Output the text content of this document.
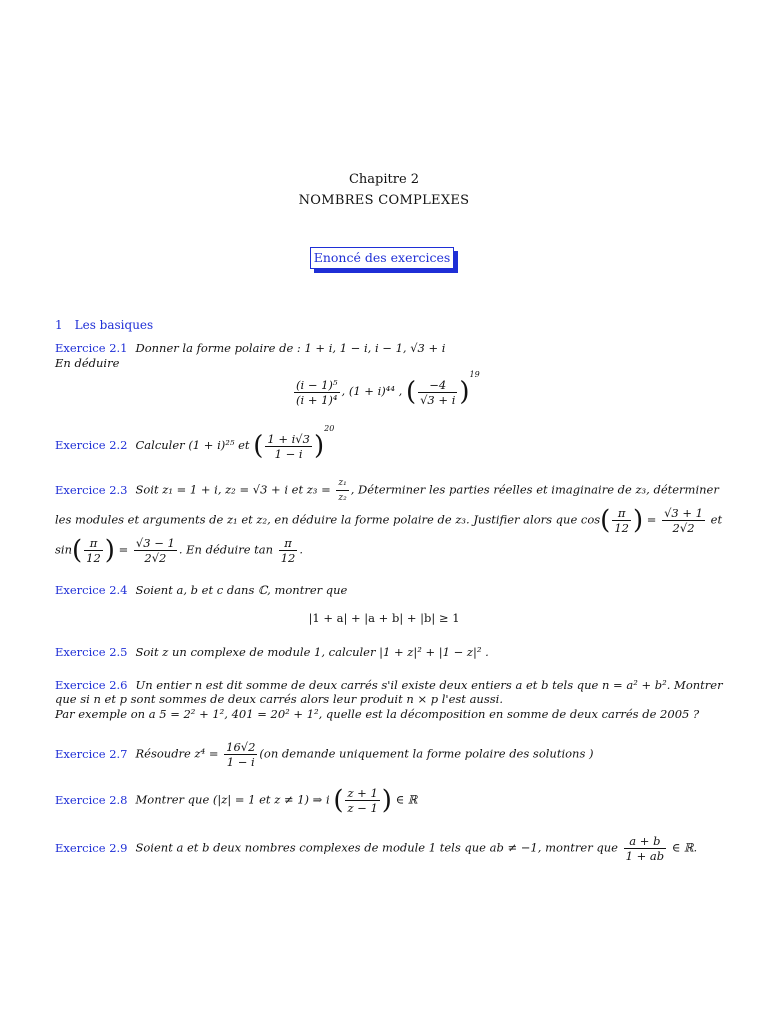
Chapitre 2
NOMBRES COMPLEXES
Enoncé des exercices
1 Les basiques
Exercice 2.1 Donner la forme polaire de : 1 + i, 1 − i, i − 1, √3 + i
En déduire
$\frac{\text{(i − 1)⁵}}{\text{(i + 1)⁴}}$ , (1 + i)⁴⁴ , ( $\frac{-4}{√3 + i} )^{19}$
Exercice 2.2 Calculer (1 + i)²⁵ et ( $\frac{1 + i√3}{1 - i} )^{20}$
Exercice 2.3 Soit z₁ = 1 + i, z₂ = √3 + i et $z_3 = \frac{\text{z₁}}{\text{z₂}}$ , Déterminer les parties réelles et imaginaire de z₃, déterminer
les modules et arguments de z₁ et z₂, en déduire la forme polaire de z₃. Justifier alors que $\cos( \frac{\pi}{12}$ ) = $\frac{√3 + 1}{2√2}$ et
$\sin( \frac{\pi}{12}$ ) = $\frac{√3 - 1}{2√2}$ . En déduire $\tan \frac{\pi}{12}$ .
Exercice 2.4 Soient a, b et c dans ℂ, montrer que
|1 + a| + |a + b| + |b| ≥ 1
Exercice 2.5 Soit z un complexe de module 1, calculer |1 + z|² + |1 − z|² .
Exercice 2.6 Un entier n est dit somme de deux carrés s'il existe deux entiers a et b tels que n = a² + b². Montrer
que si n et p sont sommes de deux carrés alors leur produit n × p l'est aussi.
Par exemple on a 5 = 2² + 1², 401 = 20² + 1², quelle est la décomposition en somme de deux carrés de 2005 ?
Exercice 2.7 Résoudre $z^4 = \frac{16√2}{1 - i} (on$ demande uniquement la forme polaire des solutions )
Exercice 2.8 Montrer que (|z| = 1 et z ≠ 1) ⇒ i ( $\frac{z + 1}{z - 1}$ ) ∈ ℝ
Exercice 2.9 Soient a et b deux nombres complexes de module 1 tels que ab ≠ −1, montrer que $\frac{a + b}{1 + ab}$ ∈ ℝ.
